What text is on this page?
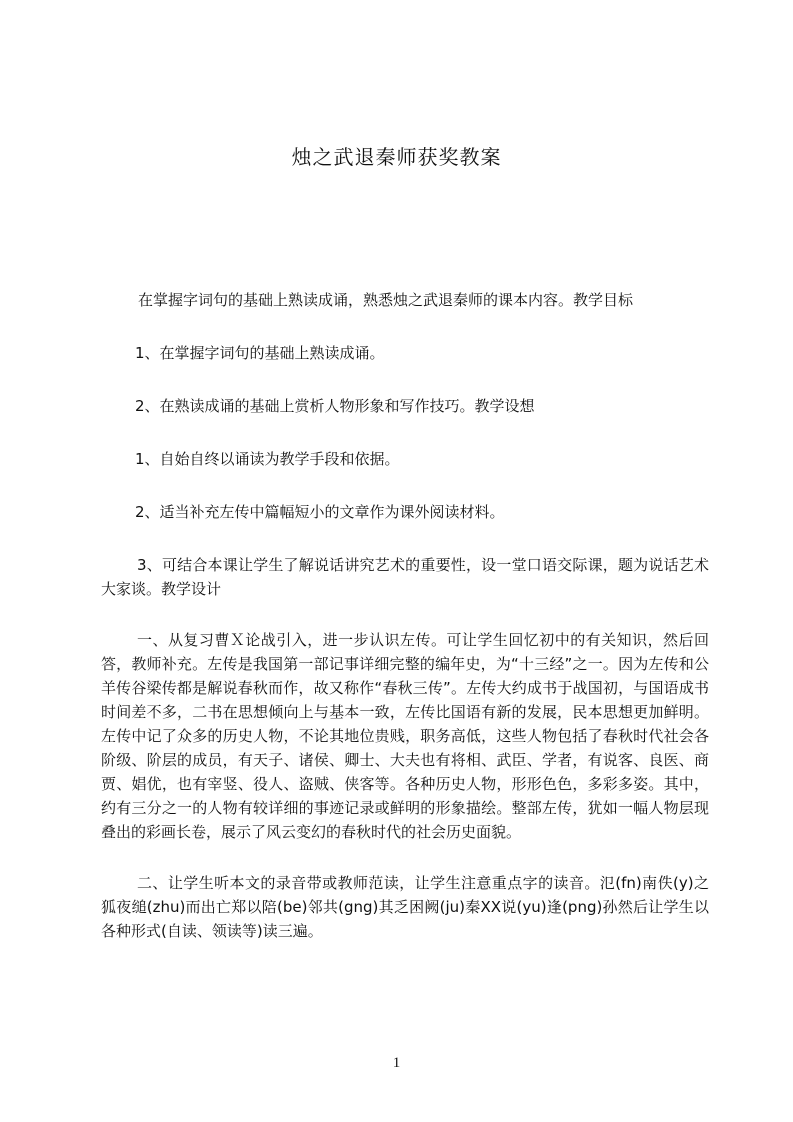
烛之武退秦师获奖教案

在掌握字词句的基础上熟读成诵，熟悉烛之武退秦师的课本内容。教学目标

1、在掌握字词句的基础上熟读成诵。

2、在熟读成诵的基础上赏析人物形象和写作技巧。教学设想

1、自始自终以诵读为教学手段和依据。

2、适当补充左传中篇幅短小的文章作为课外阅读材料。

3、可结合本课让学生了解说话讲究艺术的重要性，设一堂口语交际课，题为说话艺术大家谈。教学设计

一、从复习曹Ｘ论战引入，进一步认识左传。可让学生回忆初中的有关知识，然后回答，教师补充。左传是我国第一部记事详细完整的编年史，为“十三经”之一。因为左传和公羊传谷梁传都是解说春秋而作，故又称作“春秋三传”。左传大约成书于战国初，与国语成书时间差不多，二书在思想倾向上与基本一致，左传比国语有新的发展，民本思想更加鲜明。左传中记了众多的历史人物，不论其地位贵贱，职务高低，这些人物包括了春秋时代社会各阶级、阶层的成员，有天子、诸侯、卿士、大夫也有将相、武臣、学者，有说客、良医、商贾、娼优，也有宰竖、役人、盗贼、侠客等。各种历史人物，形形色色，多彩多姿。其中，约有三分之一的人物有较详细的事迹记录或鲜明的形象描绘。整部左传，犹如一幅人物层现叠出的彩画长卷，展示了风云变幻的春秋时代的社会历史面貌。

二、让学生听本文的录音带或教师范读，让学生注意重点字的读音。氾(fn)南佚(y)之狐夜缒(zhu)而出亡郑以陪(be)邻共(gng)其乏困阙(ju)秦XX说(yu)逢(png)孙然后让学生以各种形式(自读、领读等)读三遍。

1
